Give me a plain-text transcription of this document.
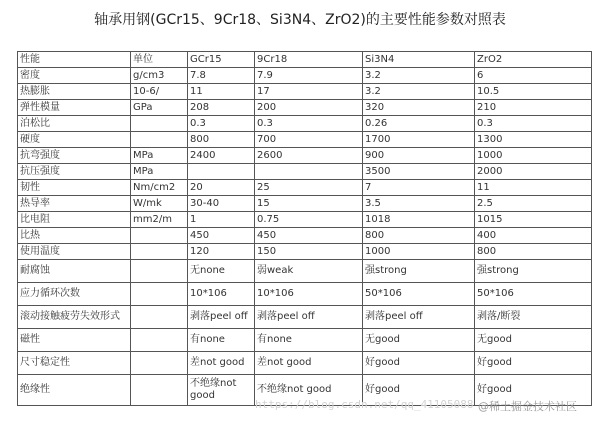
轴承用钢(GCr15、9Cr18、Si3N4、ZrO2)的主要性能参数对照表
性能	单位	GCr15	9Cr18	Si3N4	ZrO2
密度	g/cm3	7.8	7.9	3.2	6
热膨胀	10-6/	11	17	3.2	10.5
弹性模量	GPa	208	200	320	210
泊松比		0.3	0.3	0.26	0.3
硬度		800	700	1700	1300
抗弯强度	MPa	2400	2600	900	1000
抗压强度	MPa			3500	2000
韧性	Nm/cm2	20	25	7	11
热导率	W/mk	30-40	15	3.5	2.5
比电阻	mm2/m	1	0.75	1018	1015
比热		450	450	800	400
使用温度		120	150	1000	800
耐腐蚀		无none	弱weak	强strong	强strong
应力循环次数		10*106	10*106	50*106	50*106
滚动接触疲劳失效形式		剥落peel off	剥落peel off	剥落peel off	剥落/断裂
磁性		有none	有none	无good	无good
尺寸稳定性		差not good	差not good	好good	好good
绝缘性		不绝缘not good	不绝缘not good	好good	好good
https://blog.csdn.net/qq_41105088 @稀土掘金技术社区
